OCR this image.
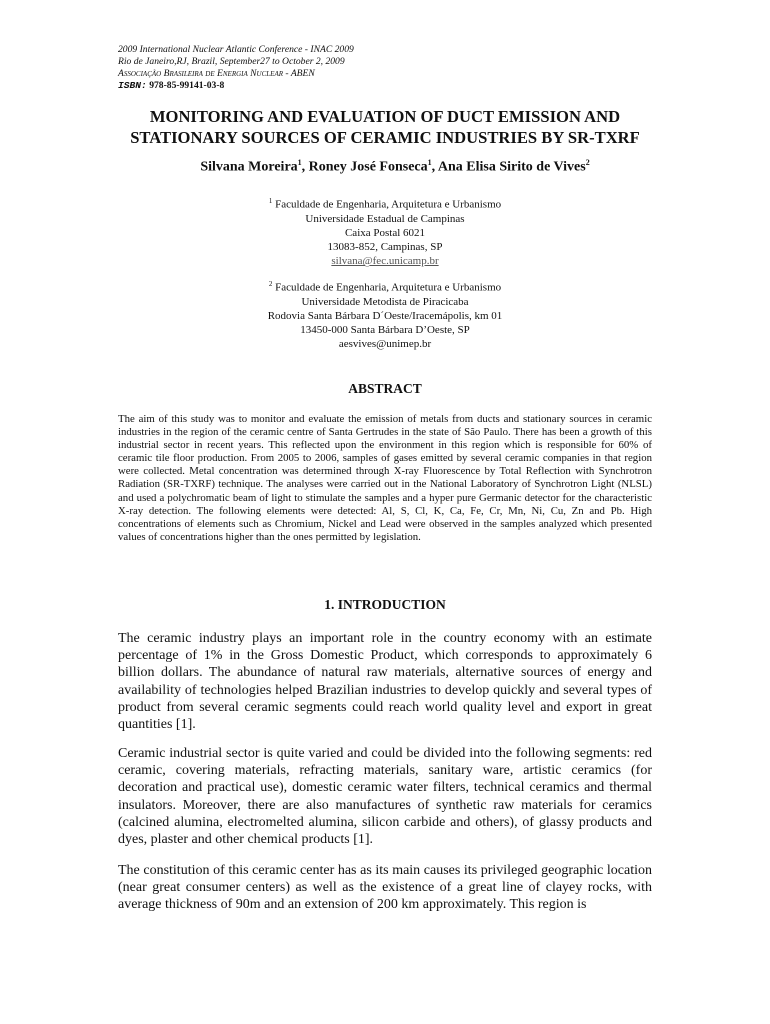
2009 International Nuclear Atlantic Conference - INAC 2009
Rio de Janeiro,RJ, Brazil, September27 to October 2, 2009
Associação Brasileira de Energia Nuclear - ABEN
ISBN: 978-85-99141-03-8
MONITORING AND EVALUATION OF DUCT EMISSION AND
STATIONARY SOURCES OF CERAMIC INDUSTRIES BY SR-TXRF
Silvana Moreira$^1$, Roney José Fonseca$^1$, Ana Elisa Sirito de Vives$^2$
$^1$ Faculdade de Engenharia, Arquitetura e Urbanismo
Universidade Estadual de Campinas
Caixa Postal 6021
13083-852, Campinas, SP
silvana@fec.unicamp.br
$^2$ Faculdade de Engenharia, Arquitetura e Urbanismo
Universidade Metodista de Piracicaba
Rodovia Santa Bárbara D´Oeste/Iracemápolis, km 01
13450-000 Santa Bárbara D’Oeste, SP
aesvives@unimep.br
ABSTRACT
The aim of this study was to monitor and evaluate the emission of metals from ducts and stationary sources in ceramic industries in the region of the ceramic centre of Santa Gertrudes in the state of São Paulo. There has been a growth of this industrial sector in recent years. This reflected upon the environment in this region which is responsible for 60% of ceramic tile floor production. From 2005 to 2006, samples of gases emitted by several ceramic companies in that region were collected. Metal concentration was determined through X-ray Fluorescence by Total Reflection with Synchrotron Radiation (SR-TXRF) technique. The analyses were carried out in the National Laboratory of Synchrotron Light (NLSL) and used a polychromatic beam of light to stimulate the samples and a hyper pure Germanic detector for the characteristic X-ray detection. The following elements were detected: Al, S, Cl, K, Ca, Fe, Cr, Mn, Ni, Cu, Zn and Pb. High concentrations of elements such as Chromium, Nickel and Lead were observed in the samples analyzed which presented values of concentrations higher than the ones permitted by legislation.
1. INTRODUCTION
The ceramic industry plays an important role in the country economy with an estimate percentage of 1% in the Gross Domestic Product, which corresponds to approximately 6 billion dollars. The abundance of natural raw materials, alternative sources of energy and availability of technologies helped Brazilian industries to develop quickly and several types of product from several ceramic segments could reach world quality level and export in great quantities [1].
Ceramic industrial sector is quite varied and could be divided into the following segments: red ceramic, covering materials, refracting materials, sanitary ware, artistic ceramics (for decoration and practical use), domestic ceramic water filters, technical ceramics and thermal insulators. Moreover, there are also manufactures of synthetic raw materials for ceramics (calcined alumina, electromelted alumina, silicon carbide and others), of glassy products and dyes, plaster and other chemical products [1].
The constitution of this ceramic center has as its main causes its privileged geographic location (near great consumer centers) as well as the existence of a great line of clayey rocks, with average thickness of 90m and an extension of 200 km approximately. This region is
